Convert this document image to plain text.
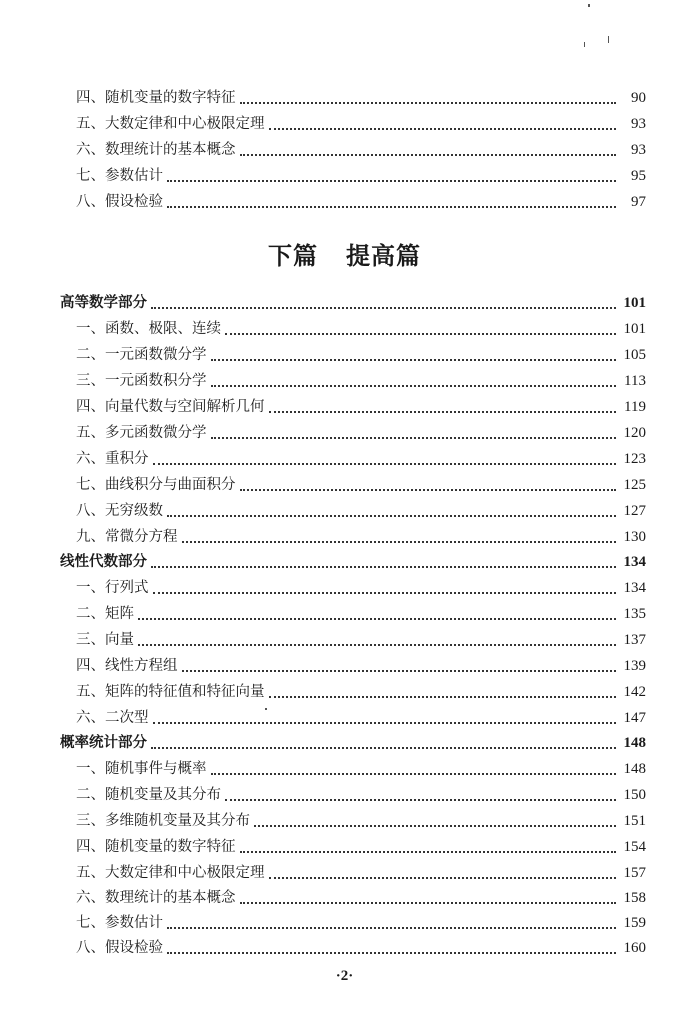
四、随机变量的数字特征	90
五、大数定律和中心极限定理	93
六、数理统计的基本概念	93
七、参数估计	95
八、假设检验	97
下篇 提高篇
高等数学部分	101
一、函数、极限、连续	101
二、一元函数微分学	105
三、一元函数积分学	113
四、向量代数与空间解析几何	119
五、多元函数微分学	120
六、重积分	123
七、曲线积分与曲面积分	125
八、无穷级数	127
九、常微分方程	130
线性代数部分	134
一、行列式	134
二、矩阵	135
三、向量	137
四、线性方程组	139
五、矩阵的特征值和特征向量	142
六、二次型	147
概率统计部分	148
一、随机事件与概率	148
二、随机变量及其分布	150
三、多维随机变量及其分布	151
四、随机变量的数字特征	154
五、大数定律和中心极限定理	157
六、数理统计的基本概念	158
七、参数估计	159
八、假设检验	160
·2·
